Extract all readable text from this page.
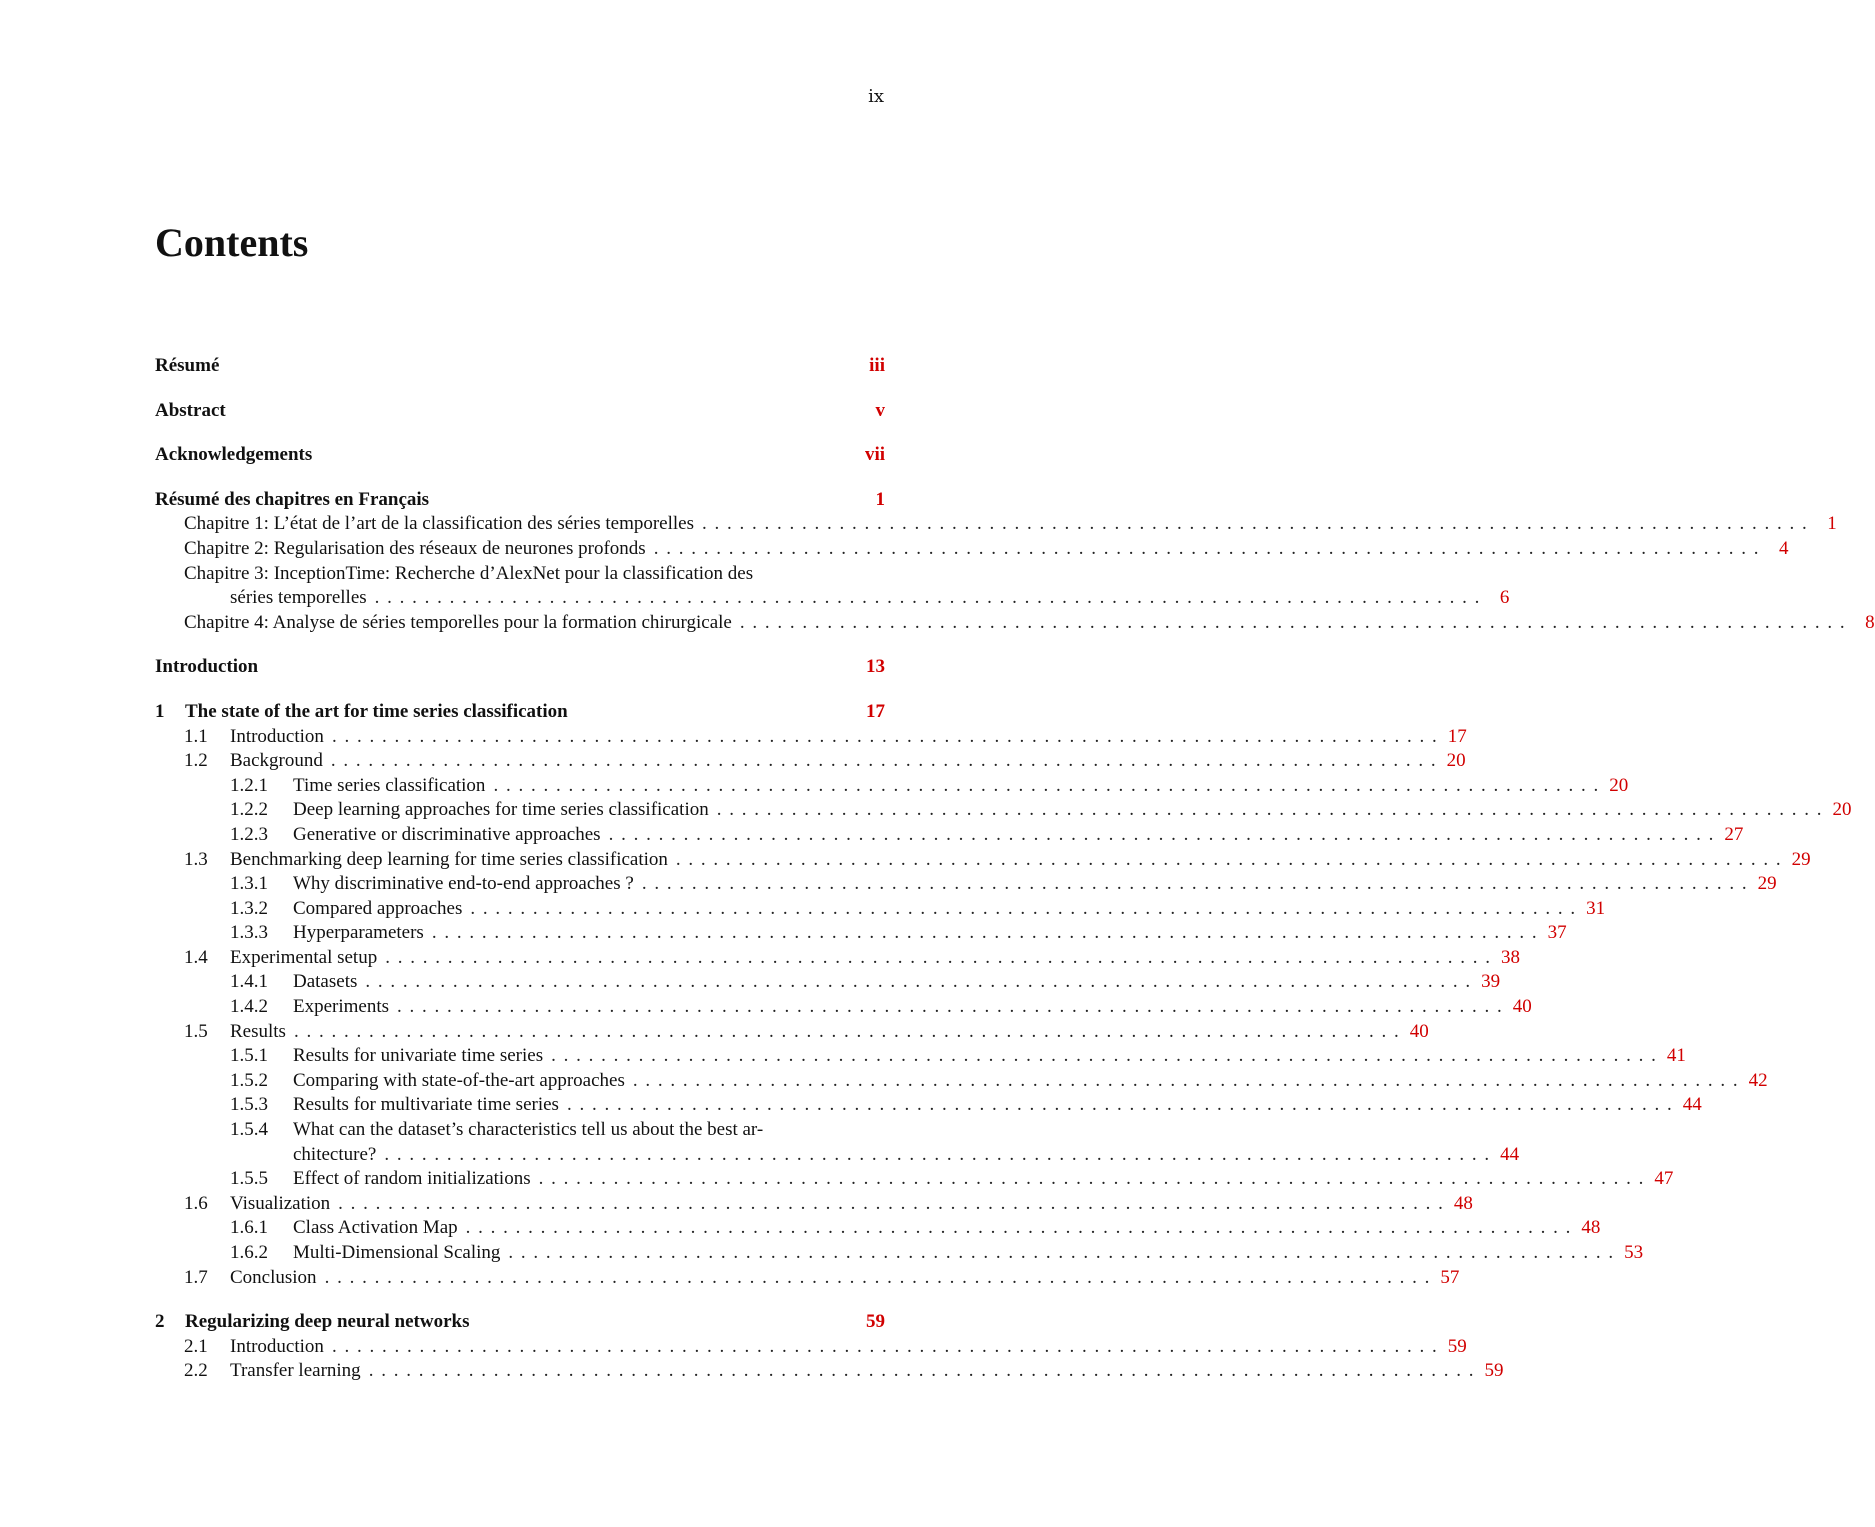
ix
Contents
Résumé	iii
Abstract	v
Acknowledgements	vii
Résumé des chapitres en Français	1
Chapitre 1: L’état de l’art de la classification des séries temporelles . . .	1
Chapitre 2: Regularisation des réseaux de neurones profonds . . .	4
Chapitre 3: InceptionTime: Recherche d’AlexNet pour la classification des
séries temporelles . . .	6
Chapitre 4: Analyse de séries temporelles pour la formation chirurgicale . . .	8
Introduction	13
1	The state of the art for time series classification	17
1.1	Introduction . . .	17
1.2	Background . . .	20
1.2.1	Time series classification . . .	20
1.2.2	Deep learning approaches for time series classification . . .	20
1.2.3	Generative or discriminative approaches . . .	27
1.3	Benchmarking deep learning for time series classification . . .	29
1.3.1	Why discriminative end-to-end approaches ? . . .	29
1.3.2	Compared approaches . . .	31
1.3.3	Hyperparameters . . .	37
1.4	Experimental setup . . .	38
1.4.1	Datasets . . .	39
1.4.2	Experiments . . .	40
1.5	Results . . .	40
1.5.1	Results for univariate time series . . .	41
1.5.2	Comparing with state-of-the-art approaches . . .	42
1.5.3	Results for multivariate time series . . .	44
1.5.4	What can the dataset’s characteristics tell us about the best ar-
chitecture? . . .	44
1.5.5	Effect of random initializations . . .	47
1.6	Visualization . . .	48
1.6.1	Class Activation Map . . .	48
1.6.2	Multi-Dimensional Scaling . . .	53
1.7	Conclusion . . .	57
2	Regularizing deep neural networks	59
2.1	Introduction . . .	59
2.2	Transfer learning . . .	59
